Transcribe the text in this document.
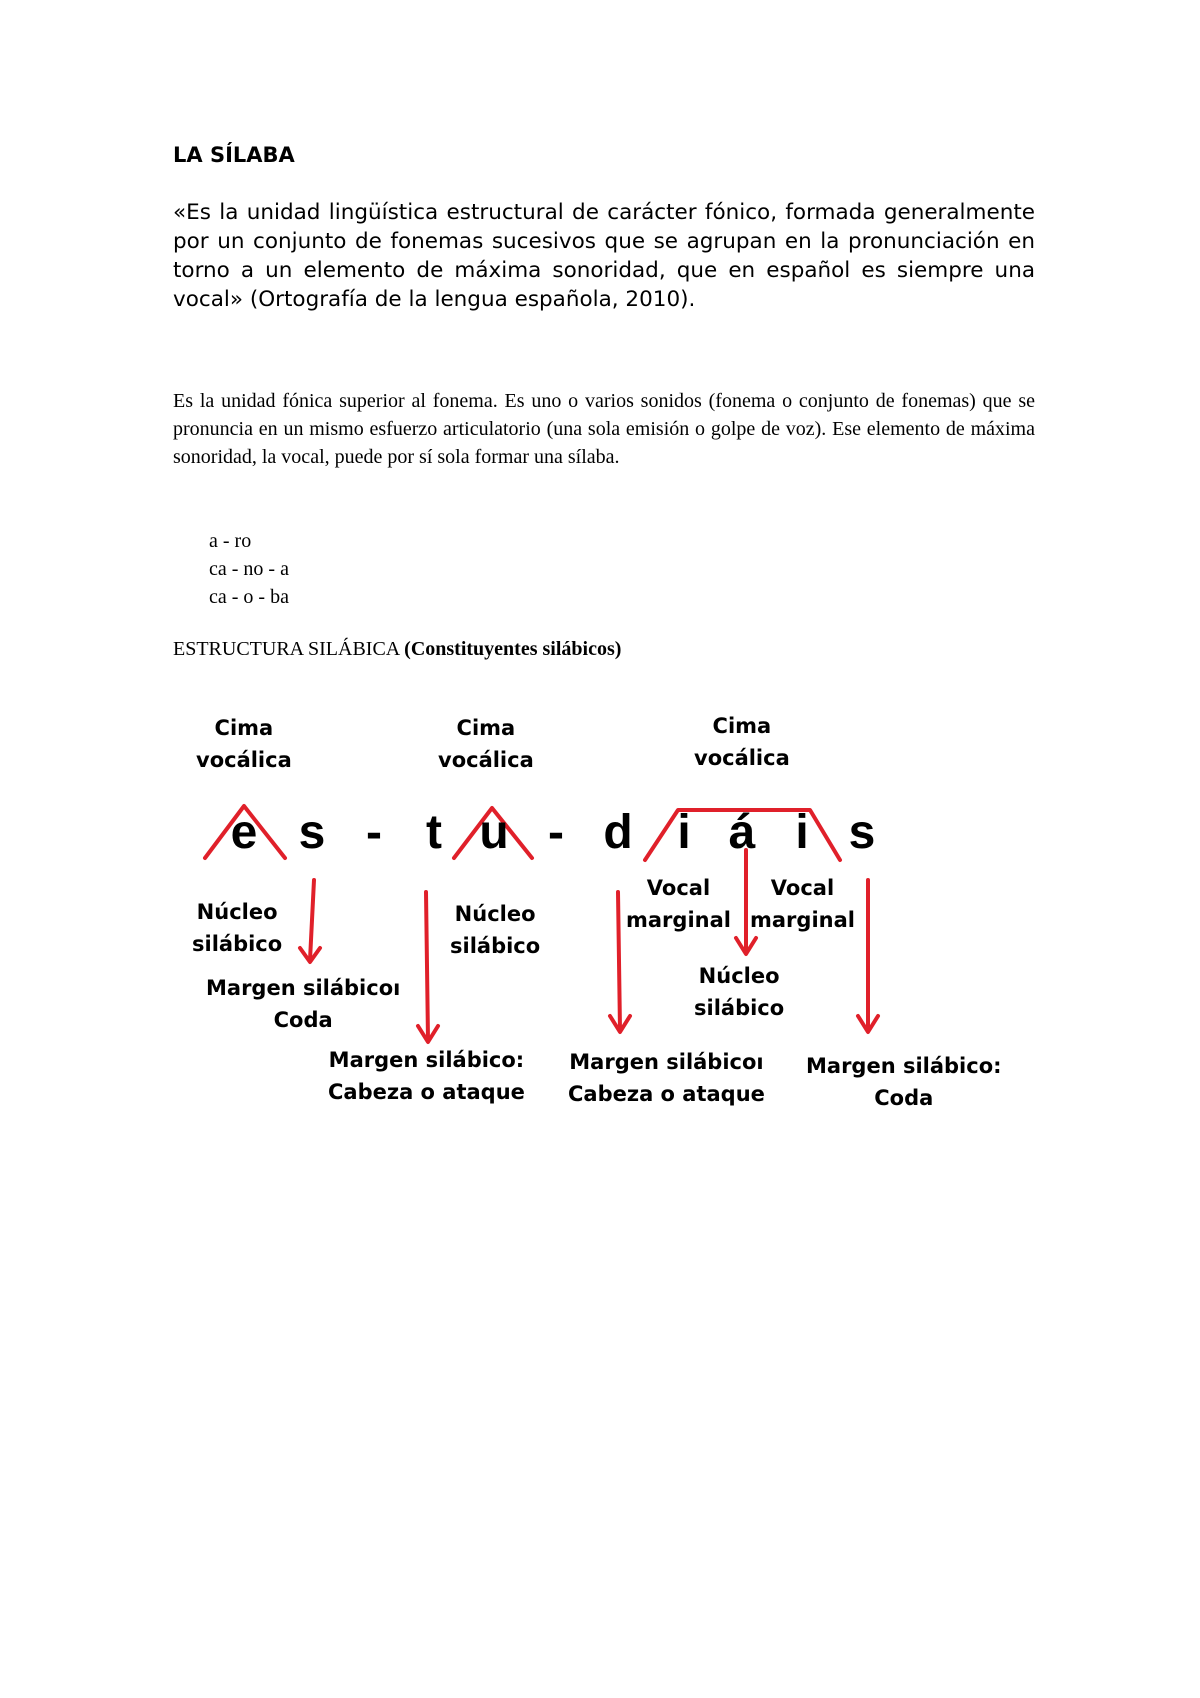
LA SÍLABA

«Es la unidad lingüística estructural de carácter fónico, formada generalmente por un conjunto de fonemas sucesivos que se agrupan en la pronunciación en torno a un elemento de máxima sonoridad, que en español es siempre una vocal» (Ortografía de la lengua española, 2010).

Es la unidad fónica superior al fonema. Es uno o varios sonidos (fonema o conjunto de fonemas) que se pronuncia en un mismo esfuerzo articulatorio (una sola emisión o golpe de voz). Ese elemento de máxima sonoridad, la vocal, puede por sí sola formar una sílaba.

a - ro
ca - no - a
ca - o - ba
ESTRUCTURA SILÁBICA (Constituyentes silábicos)
e s - t u - d i á i s
Cima
vocálica
Cima
vocálica
Cima
vocálica
Núcleo
silábico
Núcleo
silábico
Núcleo
silábico
Vocal
marginal
Vocal
marginal
Margen silábicoı
Coda
Margen silábico:
Cabeza o ataque
Margen silábicoı
Cabeza o ataque
Margen silábico:
Coda
